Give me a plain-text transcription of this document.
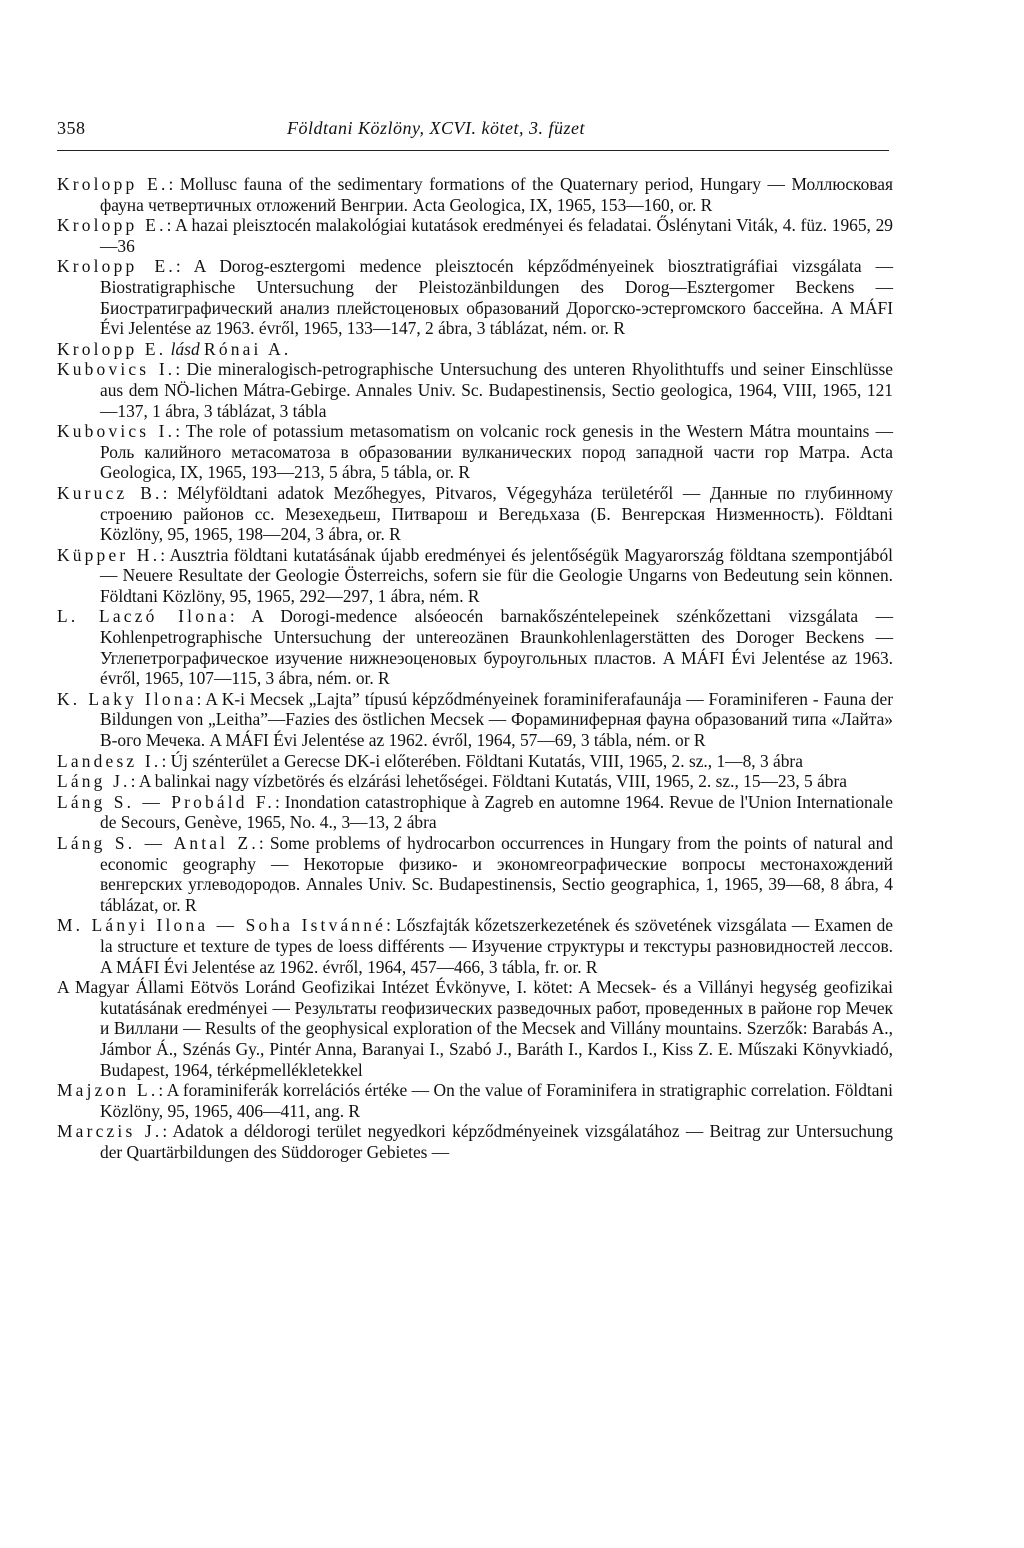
358	Földtani Közlöny, XCVI. kötet, 3. füzet

Krolopp E.: Mollusc fauna of the sedimentary formations of the Quaternary period, Hungary — Моллюсковая фауна четвертичных отложений Венгрии. Acta Geologica, IX, 1965, 153—160, or. R

Krolopp E.: A hazai pleisztocén malakológiai kutatások eredményei és feladatai. Őslénytani Viták, 4. füz. 1965, 29—36

Krolopp E.: A Dorog-esztergomi medence pleisztocén képződményeinek biosztratigráfiai vizsgálata — Biostratigraphische Untersuchung der Pleistozänbildungen des Dorog—Esztergomer Beckens — Биостратиграфический анализ плейстоценовых образований Дорогско-эстергомского бассейна. A MÁFI Évi Jelentése az 1963. évről, 1965, 133—147, 2 ábra, 3 táblázat, ném. or. R

Krolopp E. lásd Rónai A.

Kubovics I.: Die mineralogisch-petrographische Untersuchung des unteren Rhyolithtuffs und seiner Einschlüsse aus dem NÖ-lichen Mátra-Gebirge. Annales Univ. Sc. Budapestinensis, Sectio geologica, 1964, VIII, 1965, 121—137, 1 ábra, 3 táblázat, 3 tábla

Kubovics I.: The role of potassium metasomatism on volcanic rock genesis in the Western Mátra mountains — Роль калийного метасоматоза в образовании вулканических пород западной части гор Матра. Acta Geologica, IX, 1965, 193—213, 5 ábra, 5 tábla, or. R

Kurucz B.: Mélyföldtani adatok Mezőhegyes, Pitvaros, Végegyháza területéről — Данные по глубинному строению районов сс. Мезехедьеш, Питварош и Вегедьхаза (Б. Венгерская Низменность). Földtani Közlöny, 95, 1965, 198—204, 3 ábra, or. R

Küpper H.: Ausztria földtani kutatásának újabb eredményei és jelentőségük Magyarország földtana szempontjából — Neuere Resultate der Geologie Österreichs, sofern sie für die Geologie Ungarns von Bedeutung sein können. Földtani Közlöny, 95, 1965, 292—297, 1 ábra, ném. R

L. Laczó Ilona: A Dorogi-medence alsóeocén barnakőszéntelepeinek szénkőzettani vizsgálata — Kohlenpetrographische Untersuchung der untereozänen Braunkohlenlagerstätten des Doroger Beckens — Углепетрографическое изучение нижнеэоценовых буроугольных пластов. A MÁFI Évi Jelentése az 1963. évről, 1965, 107—115, 3 ábra, ném. or. R

K. Laky Ilona: A K-i Mecsek „Lajta” típusú képződményeinek foraminiferafaunája — Foraminiferen - Fauna der Bildungen von „Leitha”—Fazies des östlichen Mecsek — Фораминиферная фауна образований типа «Лайта» В-ого Мечека. A MÁFI Évi Jelentése az 1962. évről, 1964, 57—69, 3 tábla, ném. or R

Landesz I.: Új szénterület a Gerecse DK-i előterében. Földtani Kutatás, VIII, 1965, 2. sz., 1—8, 3 ábra

Láng J.: A balinkai nagy vízbetörés és elzárási lehetőségei. Földtani Kutatás, VIII, 1965, 2. sz., 15—23, 5 ábra

Láng S. — Probáld F.: Inondation catastrophique à Zagreb en automne 1964. Revue de l'Union Internationale de Secours, Genève, 1965, No. 4., 3—13, 2 ábra

Láng S. — Antal Z.: Some problems of hydrocarbon occurrences in Hungary from the points of natural and economic geography — Некоторые физико- и экономгеографические вопросы местонахождений венгерских углеводородов. Annales Univ. Sc. Budapestinensis, Sectio geographica, 1, 1965, 39—68, 8 ábra, 4 táblázat, or. R

M. Lányi Ilona — Soha Istvánné: Lőszfajták kőzetszerkezetének és szövetének vizsgálata — Examen de la structure et texture de types de loess différents — Изучение структуры и текстуры разновидностей лессов. A MÁFI Évi Jelentése az 1962. évről, 1964, 457—466, 3 tábla, fr. or. R

A Magyar Állami Eötvös Loránd Geofizikai Intézet Évkönyve, I. kötet: A Mecsek- és a Villányi hegység geofizikai kutatásának eredményei — Результаты геофизических разведочных работ, проведенных в районе гор Мечек и Виллани — Results of the geophysical exploration of the Mecsek and Villány mountains. Szerzők: Barabás A., Jámbor Á., Szénás Gy., Pintér Anna, Baranyai I., Szabó J., Baráth I., Kardos I., Kiss Z. E. Műszaki Könyvkiadó, Budapest, 1964, térképmellékletekkel

Majzon L.: A foraminiferák korrelációs értéke — On the value of Foraminifera in stratigraphic correlation. Földtani Közlöny, 95, 1965, 406—411, ang. R

Marczis J.: Adatok a déldorogi terület negyedkori képződményeinek vizsgálatához — Beitrag zur Untersuchung der Quartärbildungen des Süddoroger Gebietes —
